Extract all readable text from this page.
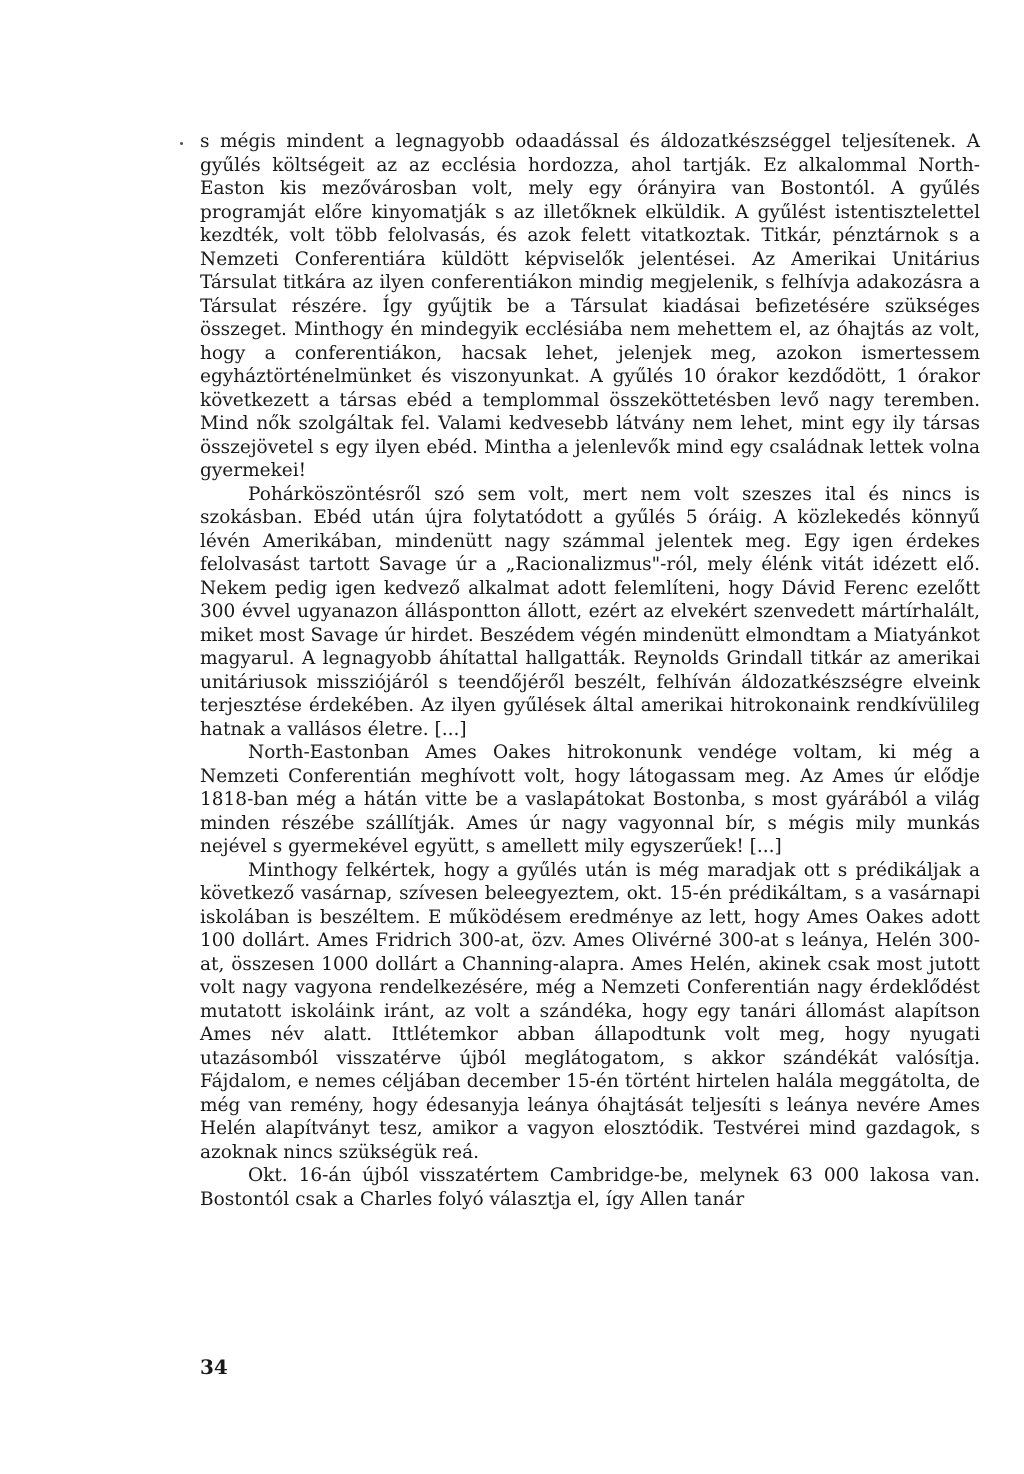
s mégis mindent a legnagyobb odaadással és áldozatkészséggel teljesítenek. A gyűlés költségeit az az ecclésia hordozza, ahol tartják. Ez alkalommal North-Easton kis mezővárosban volt, mely egy órányira van Bostontól. A gyűlés programját előre kinyomatják s az illetőknek elküldik. A gyűlést istentisztelettel kezdték, volt több felolvasás, és azok felett vitatkoztak. Titkár, pénztárnok s a Nemzeti Conferentiára küldött képviselők jelentései. Az Amerikai Unitárius Társulat titkára az ilyen conferentiákon mindig megjelenik, s felhívja adakozásra a Társulat részére. Így gyűjtik be a Társulat kiadásai befizetésére szükséges összeget. Minthogy én mindegyik ecclésiába nem mehettem el, az óhajtás az volt, hogy a conferentiákon, hacsak lehet, jelenjek meg, azokon ismertessem egyháztörténelmünket és viszonyunkat. A gyűlés 10 órakor kezdődött, 1 órakor következett a társas ebéd a templommal összeköttetésben levő nagy teremben. Mind nők szolgáltak fel. Valami kedvesebb látvány nem lehet, mint egy ily társas összejövetel s egy ilyen ebéd. Mintha a jelenlevők mind egy családnak lettek volna gyermekei!

Pohárköszöntésről szó sem volt, mert nem volt szeszes ital és nincs is szokásban. Ebéd után újra folytatódott a gyűlés 5 óráig. A közlekedés könnyű lévén Amerikában, mindenütt nagy számmal jelentek meg. Egy igen érdekes felolvasást tartott Savage úr a „Racionalizmus"-ról, mely élénk vitát idézett elő. Nekem pedig igen kedvező alkalmat adott felemlíteni, hogy Dávid Ferenc ezelőtt 300 évvel ugyanazon álláspontton állott, ezért az elvekért szenvedett mártírhalált, miket most Savage úr hirdet. Beszédem végén mindenütt elmondtam a Miatyánkot magyarul. A legnagyobb áhítattal hallgatták. Reynolds Grindall titkár az amerikai unitáriusok missziójáról s teendőjéről beszélt, felhíván áldozatkészségre elveink terjesztése érdekében. Az ilyen gyűlések által amerikai hitrokonaink rendkívülileg hatnak a vallásos életre. [...]

North-Eastonban Ames Oakes hitrokonunk vendége voltam, ki még a Nemzeti Conferentián meghívott volt, hogy látogassam meg. Az Ames úr elődje 1818-ban még a hátán vitte be a vaslapátokat Bostonba, s most gyárából a világ minden részébe szállítják. Ames úr nagy vagyonnal bír, s mégis mily munkás nejével s gyermekével együtt, s amellett mily egyszerűek! [...]

Minthogy felkértek, hogy a gyűlés után is még maradjak ott s prédikáljak a következő vasárnap, szívesen beleegyeztem, okt. 15-én prédikáltam, s a vasárnapi iskolában is beszéltem. E működésem eredménye az lett, hogy Ames Oakes adott 100 dollárt. Ames Fridrich 300-at, özv. Ames Olivérné 300-at s leánya, Helén 300-at, összesen 1000 dollárt a Channing-alapra. Ames Helén, akinek csak most jutott volt nagy vagyona rendelkezésére, még a Nemzeti Conferentián nagy érdeklődést mutatott iskoláink iránt, az volt a szándéka, hogy egy tanári állomást alapítson Ames név alatt. Ittlétemkor abban állapodtunk volt meg, hogy nyugati utazásomból visszatérve újból meglátogatom, s akkor szándékát valósítja. Fájdalom, e nemes céljában december 15-én történt hirtelen halála meggátolta, de még van remény, hogy édesanyja leánya óhajtását teljesíti s leánya nevére Ames Helén alapítványt tesz, amikor a vagyon elosztódik. Testvérei mind gazdagok, s azoknak nincs szükségük reá.

Okt. 16-án újból visszatértem Cambridge-be, melynek 63 000 lakosa van. Bostontól csak a Charles folyó választja el, így Allen tanár

34
